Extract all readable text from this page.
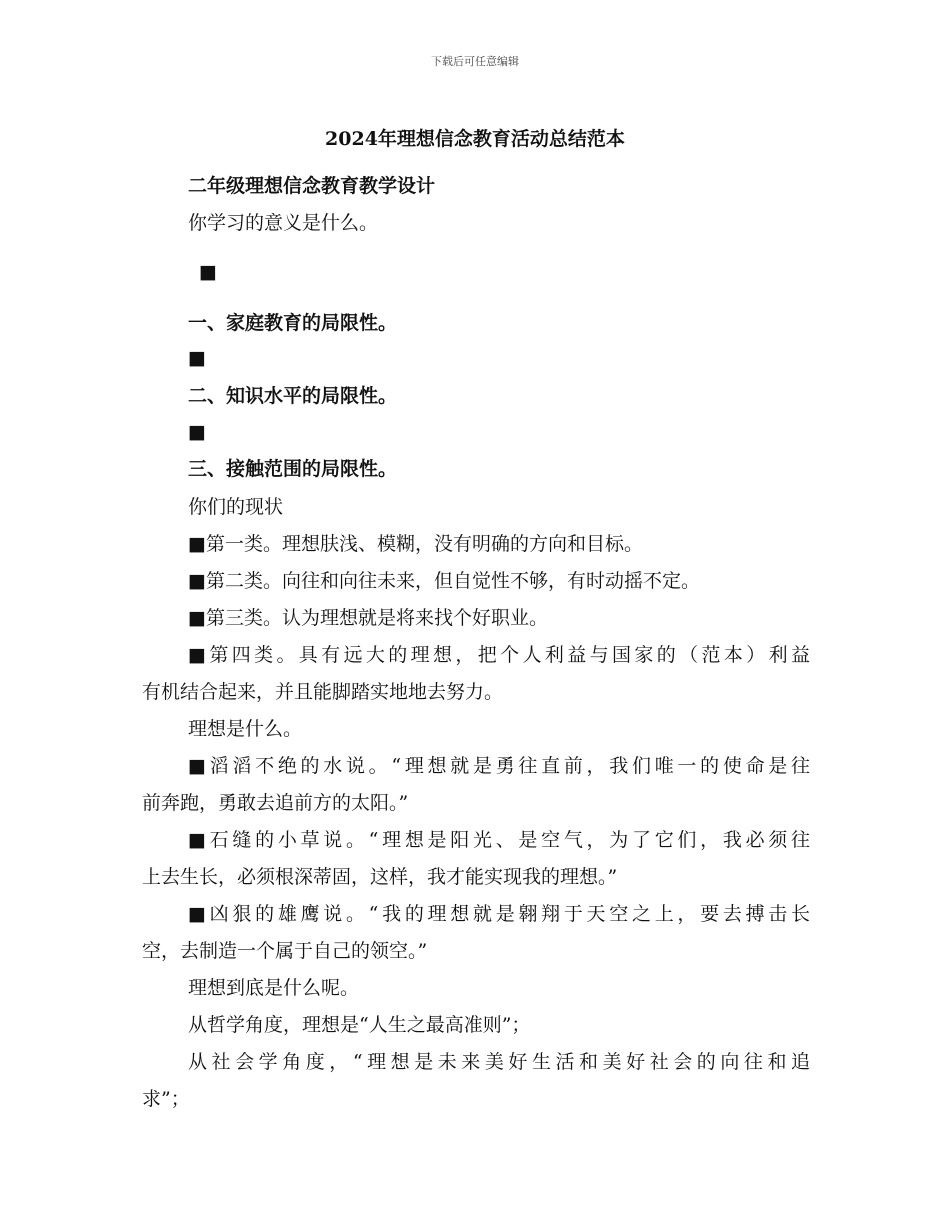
下载后可任意编辑
2024年理想信念教育活动总结范本
二年级理想信念教育教学设计
你学习的意义是什么。
■
一、家庭教育的局限性。
■
二、知识水平的局限性。
■
三、接触范围的局限性。
你们的现状
■第一类。理想肤浅、模糊，没有明确的方向和目标。
■第二类。向往和向往未来，但自觉性不够，有时动摇不定。
■第三类。认为理想就是将来找个好职业。
■第四类。具有远大的理想，把个人利益与国家的（范本）利益
有机结合起来，并且能脚踏实地地去努力。
理想是什么。
■滔滔不绝的水说。“理想就是勇往直前，我们唯一的使命是往
前奔跑，勇敢去追前方的太阳。”
■石缝的小草说。“理想是阳光、是空气，为了它们，我必须往
上去生长，必须根深蒂固，这样，我才能实现我的理想。”
■凶狠的雄鹰说。“我的理想就是翱翔于天空之上，要去搏击长
空，去制造一个属于自己的领空。”
理想到底是什么呢。
从哲学角度，理想是“人生之最高准则”；
从社会学角度，“理想是未来美好生活和美好社会的向往和追
求”；
